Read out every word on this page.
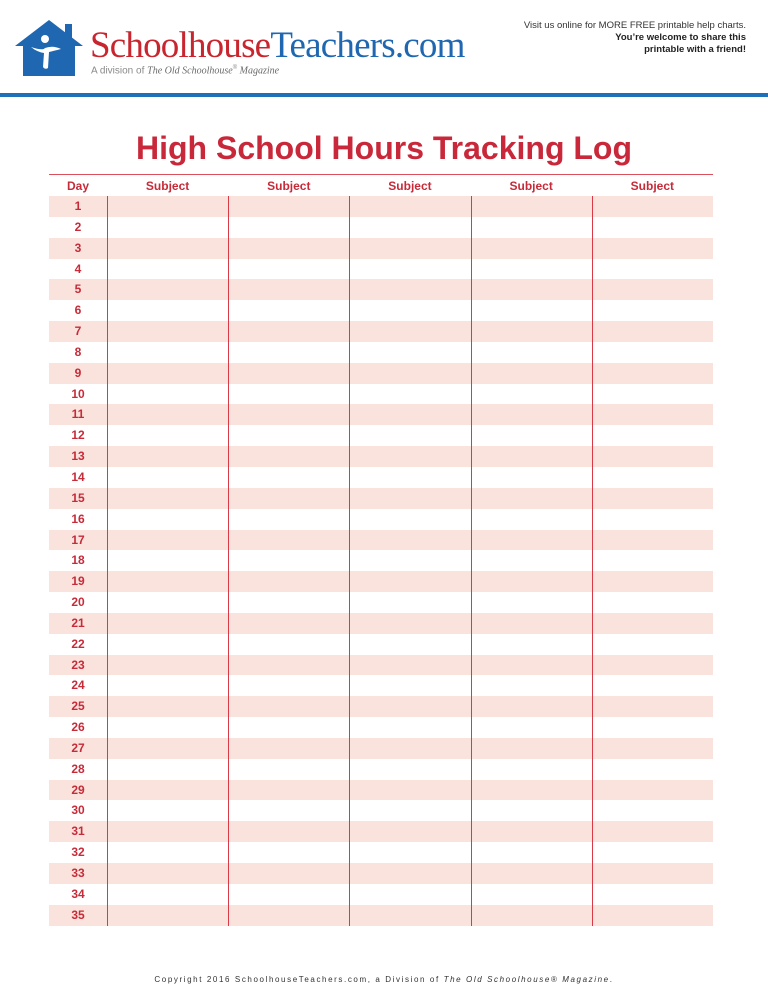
SchoolhouseTeachers.com
A division of The Old Schoolhouse® Magazine
Visit us online for MORE FREE printable help charts.
You’re welcome to share this
printable with a friend!
High School Hours Tracking Log
Day	Subject	Subject	Subject	Subject	Subject
1
2
3
4
5
6
7
8
9
10
11
12
13
14
15
16
17
18
19
20
21
22
23
24
25
26
27
28
29
30
31
32
33
34
35
Copyright 2016 SchoolhouseTeachers.com, a Division of The Old Schoolhouse® Magazine.
